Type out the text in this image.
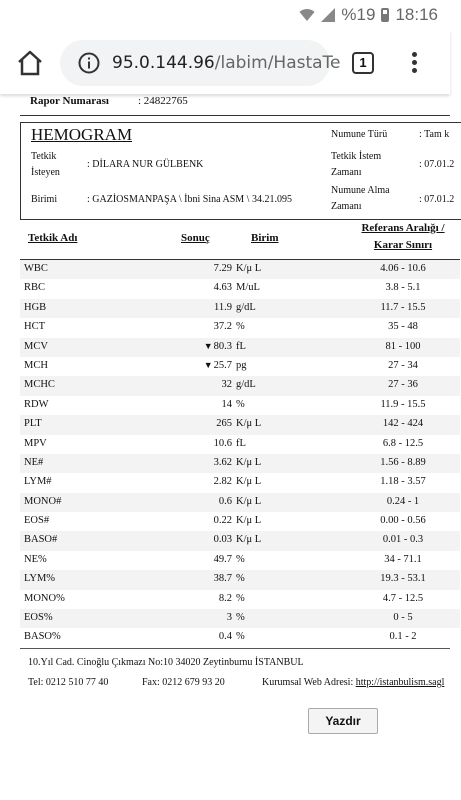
%19 18:16
95.0.144.96/labim/HastaTe	1
Rapor Numarası	: 24822765
HEMOGRAM
Tetkik
İsteyen
: DİLARA NUR GÜLBENK
Birimi	: GAZİOSMANPAŞA \ İbni Sina ASM \ 34.21.095
Numune Türü	: Tam k
Tetkik İstem
Zamanı
: 07.01.2
Numune Alma
Zamanı
: 07.01.2
Tetkik Adı	Sonuç	Birim
Referans Aralığı /
Karar Sınırı
WBC	7.29 K/μ L	4.06 - 10.6
RBC	4.63 M/uL	3.8 - 5.1
HGB	11.9 g/dL	11.7 - 15.5
HCT	37.2 %	35 - 48
MCV	▼80.3 fL	81 - 100
MCH	▼25.7 pg	27 - 34
MCHC	32 g/dL	27 - 36
RDW	14 %	11.9 - 15.5
PLT	265 K/μ L	142 - 424
MPV	10.6 fL	6.8 - 12.5
NE#	3.62 K/μ L	1.56 - 8.89
LYM#	2.82 K/μ L	1.18 - 3.57
MONO#	0.6 K/μ L	0.24 - 1
EOS#	0.22 K/μ L	0.00 - 0.56
BASO#	0.03 K/μ L	0.01 - 0.3
NE%	49.7 %	34 - 71.1
LYM%	38.7 %	19.3 - 53.1
MONO%	8.2 %	4.7 - 12.5
EOS%	3 %	0 - 5
BASO%	0.4 %	0.1 - 2
10.Yıl Cad. Cinoğlu Çıkmazı No:10 34020 Zeytinburnu İSTANBUL
Tel: 0212 510 77 40	Fax: 0212 679 93 20	Kurumsal Web Adresi: http://istanbulism.sagl
Yazdır
